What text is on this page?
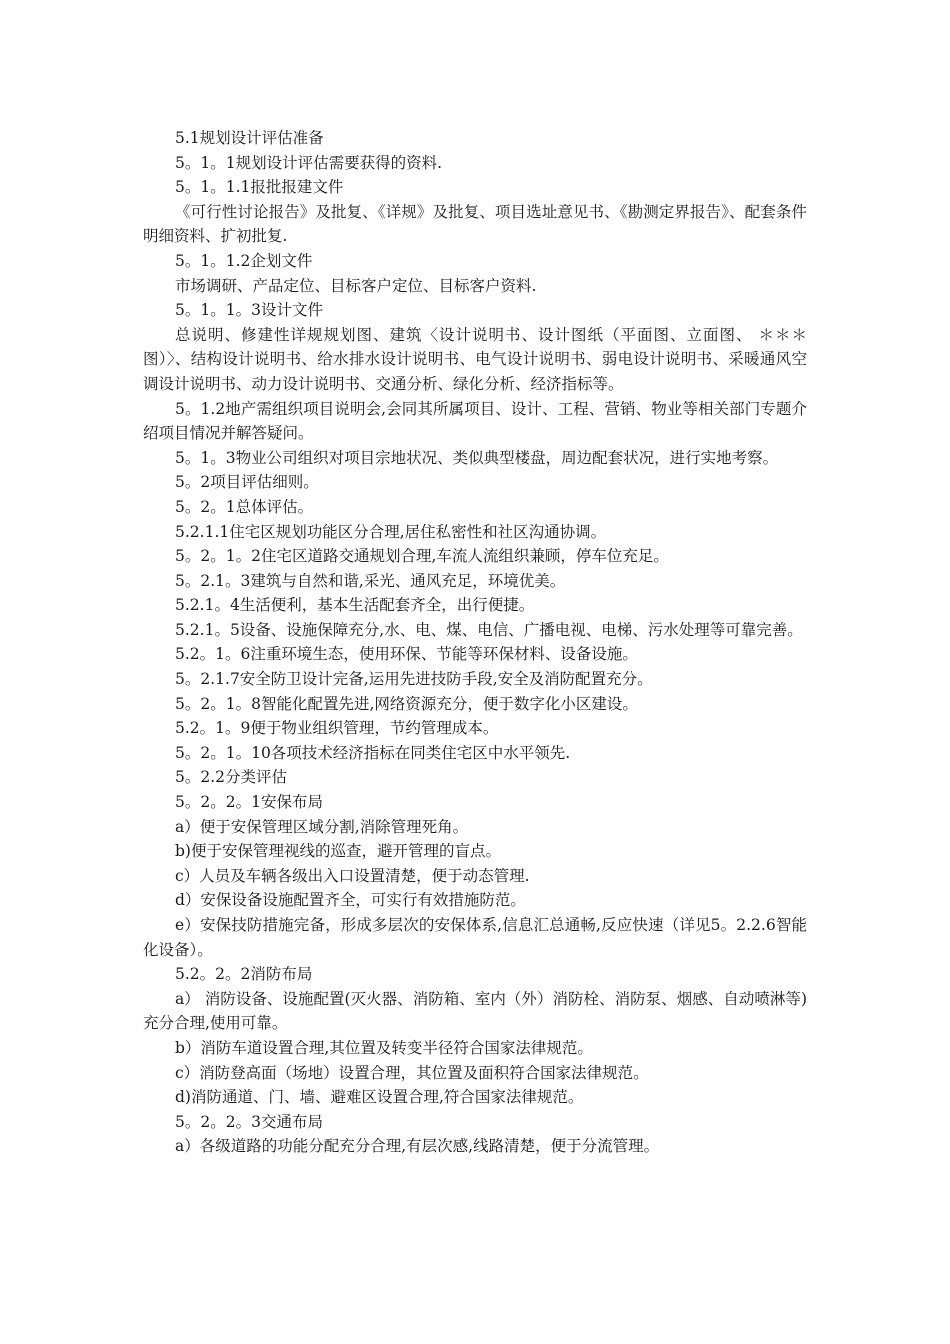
5.1规划设计评估准备

5。1。1规划设计评估需要获得的资料.

5。1。1.1报批报建文件

《可行性讨论报告》及批复、《详规》及批复、项目选址意见书、《勘测定界报告》、配套条件明细资料、扩初批复.

5。1。1.2企划文件

市场调研、产品定位、目标客户定位、目标客户资料.

5。1。1。3设计文件

总说明、修建性详规规划图、建筑〈设计说明书、设计图纸（平面图、立面图、 ＊＊＊ 图）〉、结构设计说明书、给水排水设计说明书、电气设计说明书、弱电设计说明书、采暖通风空调设计说明书、动力设计说明书、交通分析、绿化分析、经济指标等。

5。1.2地产需组织项目说明会,会同其所属项目、设计、工程、营销、物业等相关部门专题介绍项目情况并解答疑问。

5。1。3物业公司组织对项目宗地状况、类似典型楼盘，周边配套状况，进行实地考察。

5。2项目评估细则。

5。2。1总体评估。

5.2.1.1住宅区规划功能区分合理,居住私密性和社区沟通协调。

5。2。1。2住宅区道路交通规划合理,车流人流组织兼顾，停车位充足。

5。2.1。3建筑与自然和谐,采光、通风充足，环境优美。

5.2.1。4生活便利，基本生活配套齐全，出行便捷。

5.2.1。5设备、设施保障充分,水、电、煤、电信、广播电视、电梯、污水处理等可靠完善。

5.2。1。6注重环境生态，使用环保、节能等环保材料、设备设施。

5。2.1.7安全防卫设计完备,运用先进技防手段,安全及消防配置充分。

5。2。1。8智能化配置先进,网络资源充分，便于数字化小区建设。

5.2。1。9便于物业组织管理，节约管理成本。

5。2。1。10各项技术经济指标在同类住宅区中水平领先.

5。2.2分类评估

5。2。2。1安保布局

a）便于安保管理区域分割,消除管理死角。

b)便于安保管理视线的巡查，避开管理的盲点。

c）人员及车辆各级出入口设置清楚，便于动态管理.

d）安保设备设施配置齐全，可实行有效措施防范。

e）安保技防措施完备，形成多层次的安保体系,信息汇总通畅,反应快速（详见5。2.2.6智能化设备）。

5.2。2。2消防布局

a） 消防设备、设施配置(灭火器、消防箱、室内（外）消防栓、消防泵、烟感、自动喷淋等)充分合理,使用可靠。

b）消防车道设置合理,其位置及转变半径符合国家法律规范。

c）消防登高面（场地）设置合理，其位置及面积符合国家法律规范。

d)消防通道、门、墙、避难区设置合理,符合国家法律规范。

5。2。2。3交通布局

a）各级道路的功能分配充分合理,有层次感,线路清楚，便于分流管理。
